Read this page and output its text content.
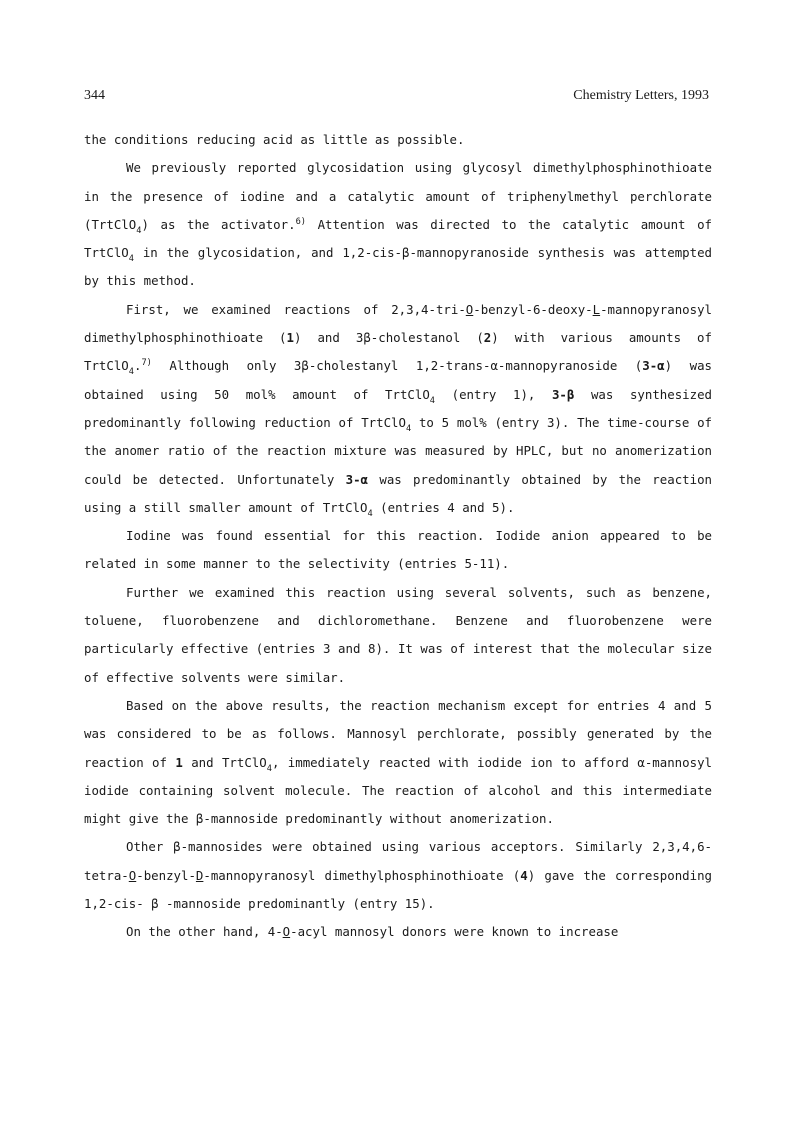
344	Chemistry Letters, 1993

the conditions reducing acid as little as possible.

We previously reported glycosidation using glycosyl dimethylphosphinothioate in the presence of iodine and a catalytic amount of triphenylmethyl perchlorate (TrtClO$_4$) as the activator.$^{6)}$ Attention was directed to the catalytic amount of TrtClO$_4$ in the glycosidation, and 1,2-cis-β-mannopyranoside synthesis was attempted by this method.

First, we examined reactions of 2,3,4-tri-O-benzyl-6-deoxy-L-mannopyranosyl dimethylphosphinothioate (1) and 3β-cholestanol (2) with various amounts of TrtClO$_4$.$^{7)}$ Although only 3β-cholestanyl 1,2-trans-α-mannopyranoside (3-α) was obtained using 50 mol% amount of TrtClO$_4$ (entry 1), 3-β was synthesized predominantly following reduction of TrtClO$_4$ to 5 mol% (entry 3). The time-course of the anomer ratio of the reaction mixture was measured by HPLC, but no anomerization could be detected. Unfortunately 3-α was predominantly obtained by the reaction using a still smaller amount of TrtClO$_4$ (entries 4 and 5).

Iodine was found essential for this reaction. Iodide anion appeared to be related in some manner to the selectivity (entries 5-11).

Further we examined this reaction using several solvents, such as benzene, toluene, fluorobenzene and dichloromethane. Benzene and fluorobenzene were particularly effective (entries 3 and 8). It was of interest that the molecular size of effective solvents were similar.

Based on the above results, the reaction mechanism except for entries 4 and 5 was considered to be as follows. Mannosyl perchlorate, possibly generated by the reaction of 1 and TrtClO$_4$, immediately reacted with iodide ion to afford α-mannosyl iodide containing solvent molecule. The reaction of alcohol and this intermediate might give the β-mannoside predominantly without anomerization.

Other β-mannosides were obtained using various acceptors. Similarly 2,3,4,6-tetra-O-benzyl-D-mannopyranosyl dimethylphosphinothioate (4) gave the corresponding 1,2-cis- β -mannoside predominantly (entry 15).

On the other hand, 4-O-acyl mannosyl donors were known to increase
